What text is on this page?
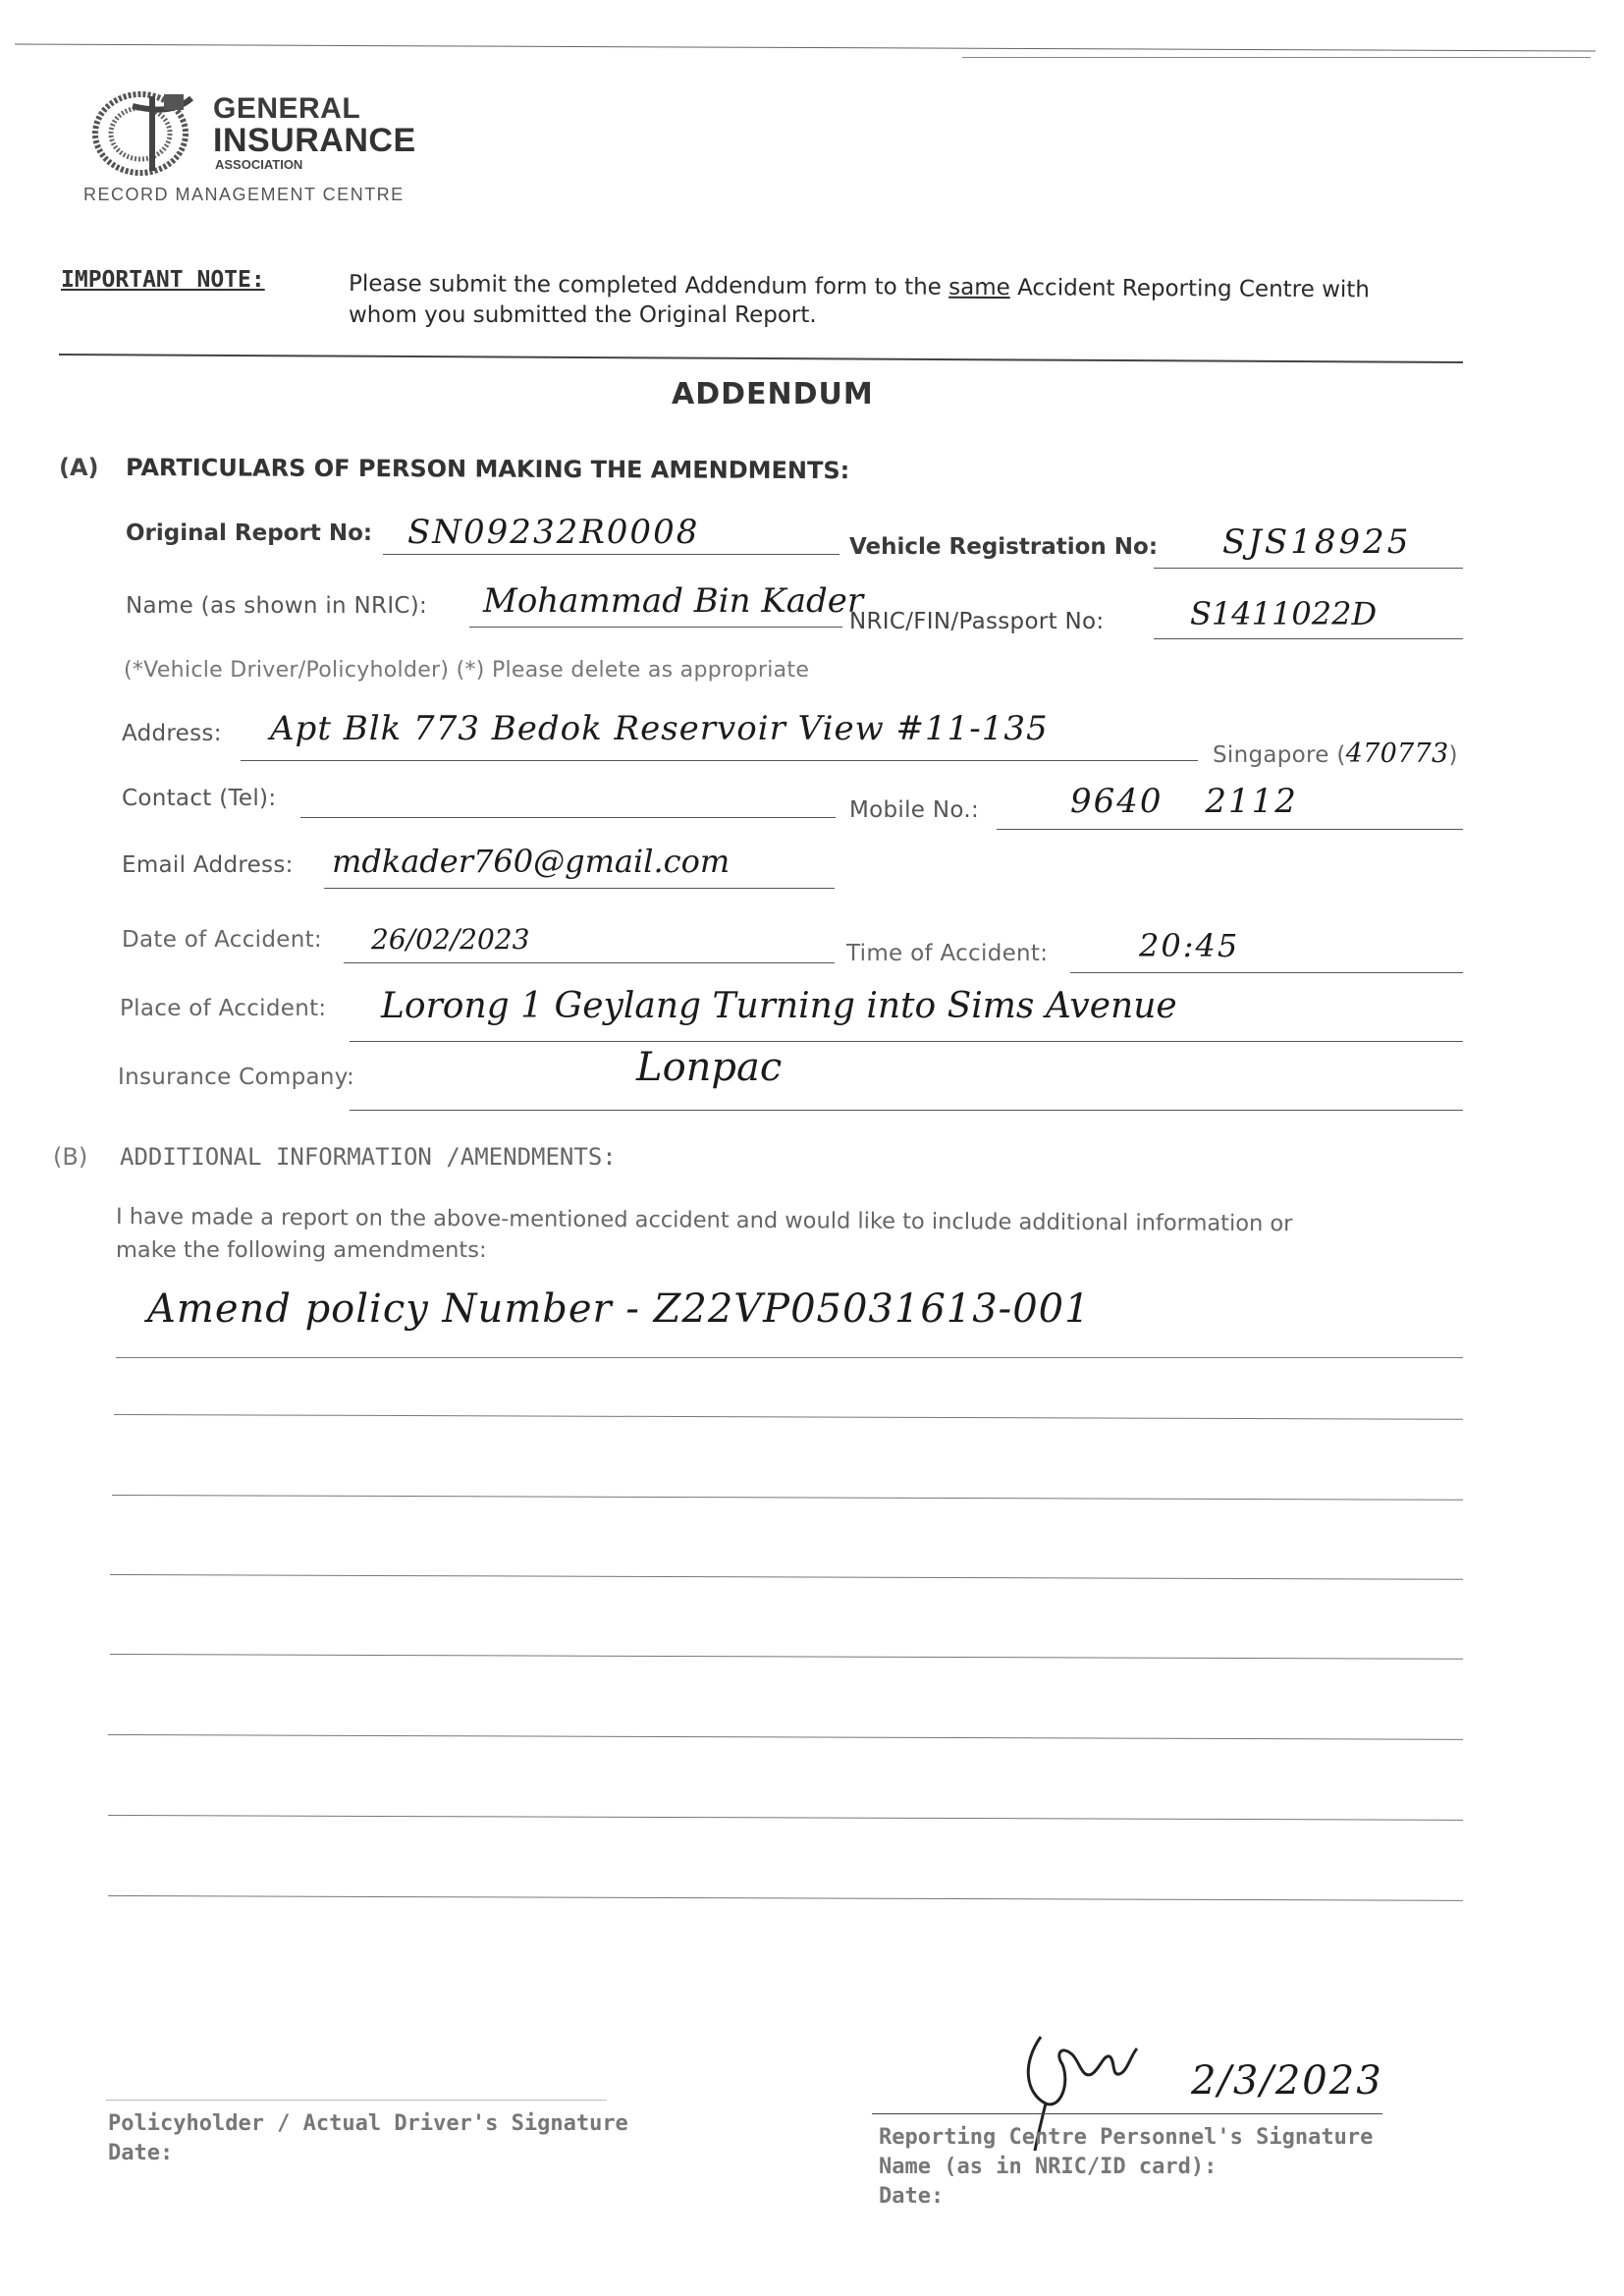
GENERAL
INSURANCE
ASSOCIATION
RECORD MANAGEMENT CENTRE
IMPORTANT NOTE:	Please submit the completed Addendum form to the same Accident Reporting Centre with
whom you submitted the Original Report.
ADDENDUM
(A) PARTICULARS OF PERSON MAKING THE AMENDMENTS:
Original Report No: SN09232R0008	Vehicle Registration No: SJS18925
Name (as shown in NRIC): Mohammad Bin Kader
NRIC/FIN/Passport No:	S1411022D
(*Vehicle Driver/Policyholder) (*) Please delete as appropriate
Address: Apt Blk 773 Bedok Reservoir View #11-135
Singapore (470773)
Contact (Tel):	Mobile No.:	9640 2112
Email Address: mdkader760@gmail.com
Date of Accident: 26/02/2023	Time of Accident:	20:45
Place of Accident: Lorong 1 Geylang Turning into Sims Avenue
Insurance Company:	Lonpac
(B) ADDITIONAL INFORMATION /AMENDMENTS:
I have made a report on the above-mentioned accident and would like to include additional information or
make the following amendments:
Amend policy Number - Z22VP05031613-001
Policyholder / Actual Driver's Signature
Date:
2/3/2023
Reporting Centre Personnel's Signature
Name (as in NRIC/ID card):
Date:
